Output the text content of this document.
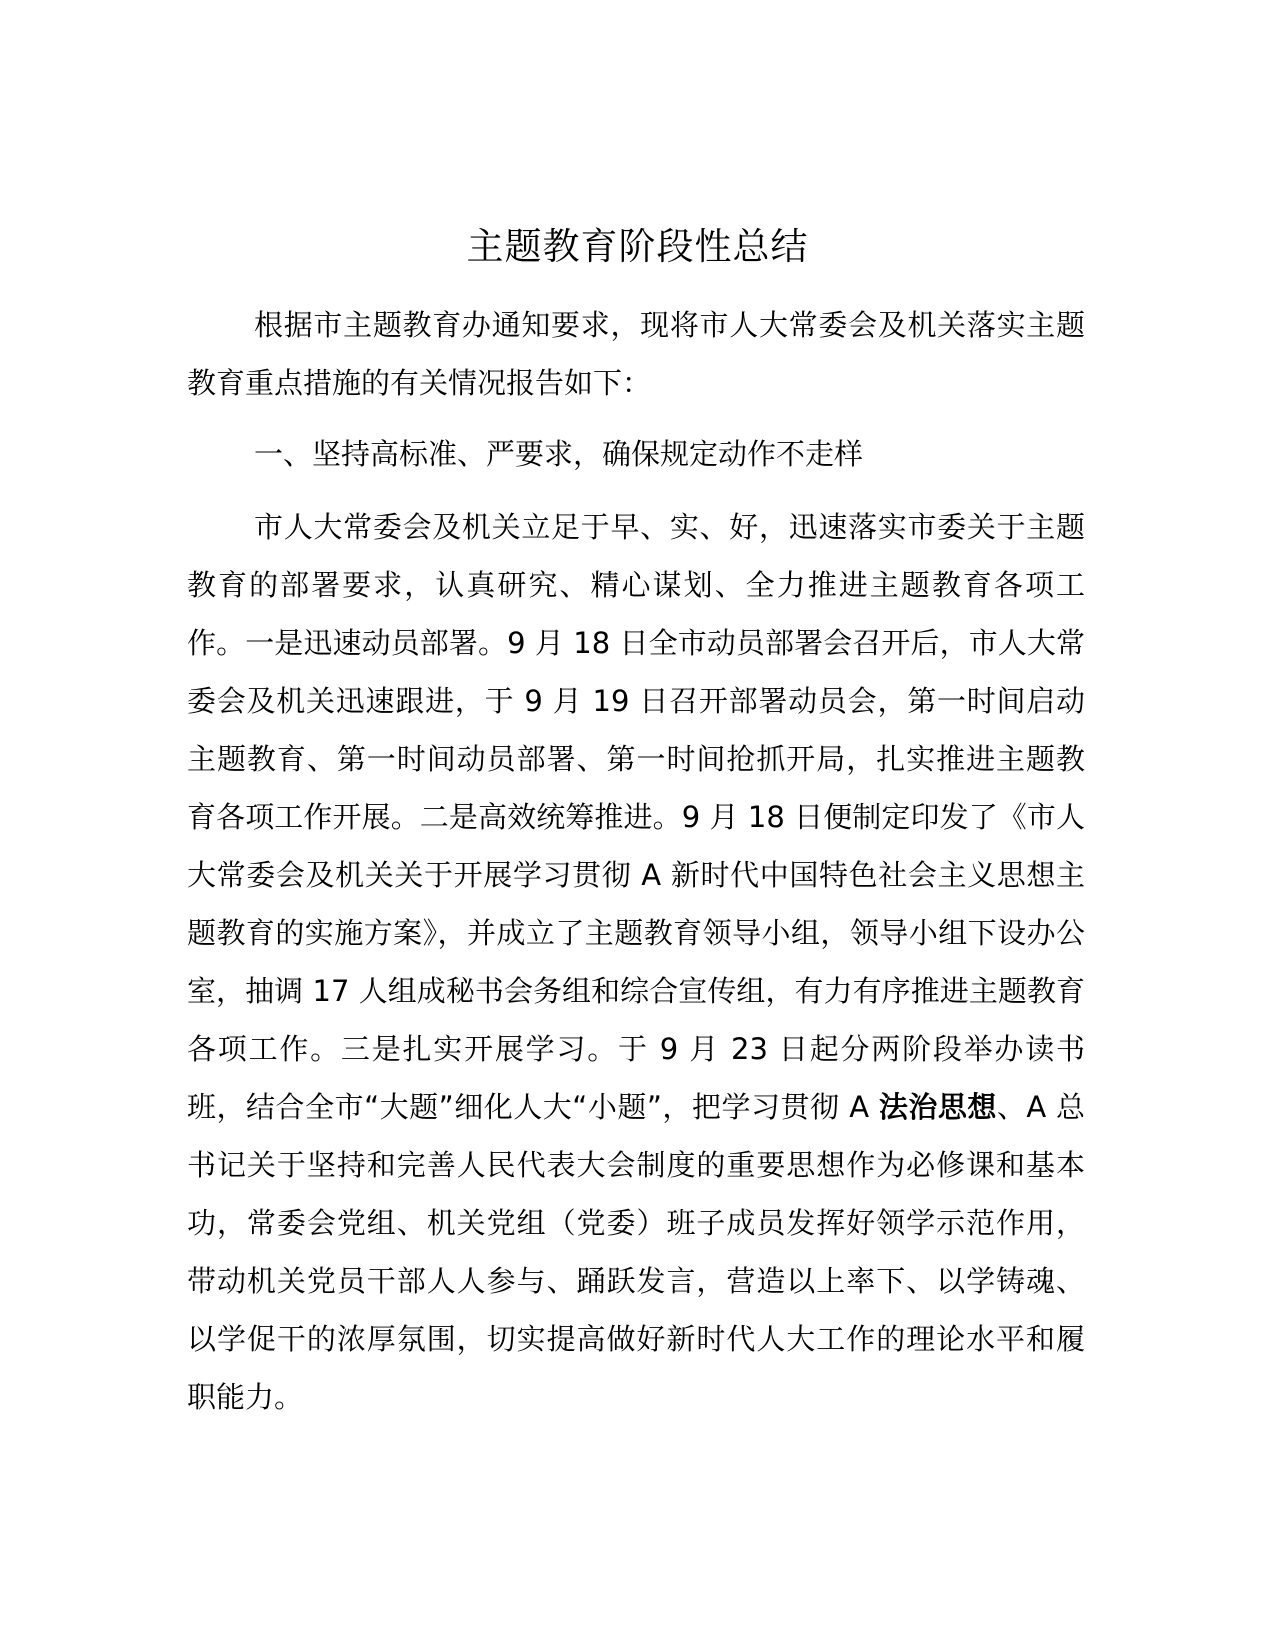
主题教育阶段性总结

根据市主题教育办通知要求，现将市人大常委会及机关落实主题教育重点措施的有关情况报告如下：

一、坚持高标准、严要求，确保规定动作不走样

市人大常委会及机关立足于早、实、好，迅速落实市委关于主题教育的部署要求，认真研究、精心谋划、全力推进主题教育各项工作。一是迅速动员部署。9 月 18 日全市动员部署会召开后，市人大常委会及机关迅速跟进，于 9 月 19 日召开部署动员会，第一时间启动主题教育、第一时间动员部署、第一时间抢抓开局，扎实推进主题教育各项工作开展。二是高效统筹推进。9 月 18 日便制定印发了《市人大常委会及机关关于开展学习贯彻 A 新时代中国特色社会主义思想主题教育的实施方案》，并成立了主题教育领导小组，领导小组下设办公室，抽调 17 人组成秘书会务组和综合宣传组，有力有序推进主题教育各项工作。三是扎实开展学习。于 9 月 23 日起分两阶段举办读书班，结合全市“大题”细化人大“小题”，把学习贯彻 A 法治思想、A 总书记关于坚持和完善人民代表大会制度的重要思想作为必修课和基本功，常委会党组、机关党组（党委）班子成员发挥好领学示范作用，带动机关党员干部人人参与、踊跃发言，营造以上率下、以学铸魂、以学促干的浓厚氛围，切实提高做好新时代人大工作的理论水平和履职能力。
